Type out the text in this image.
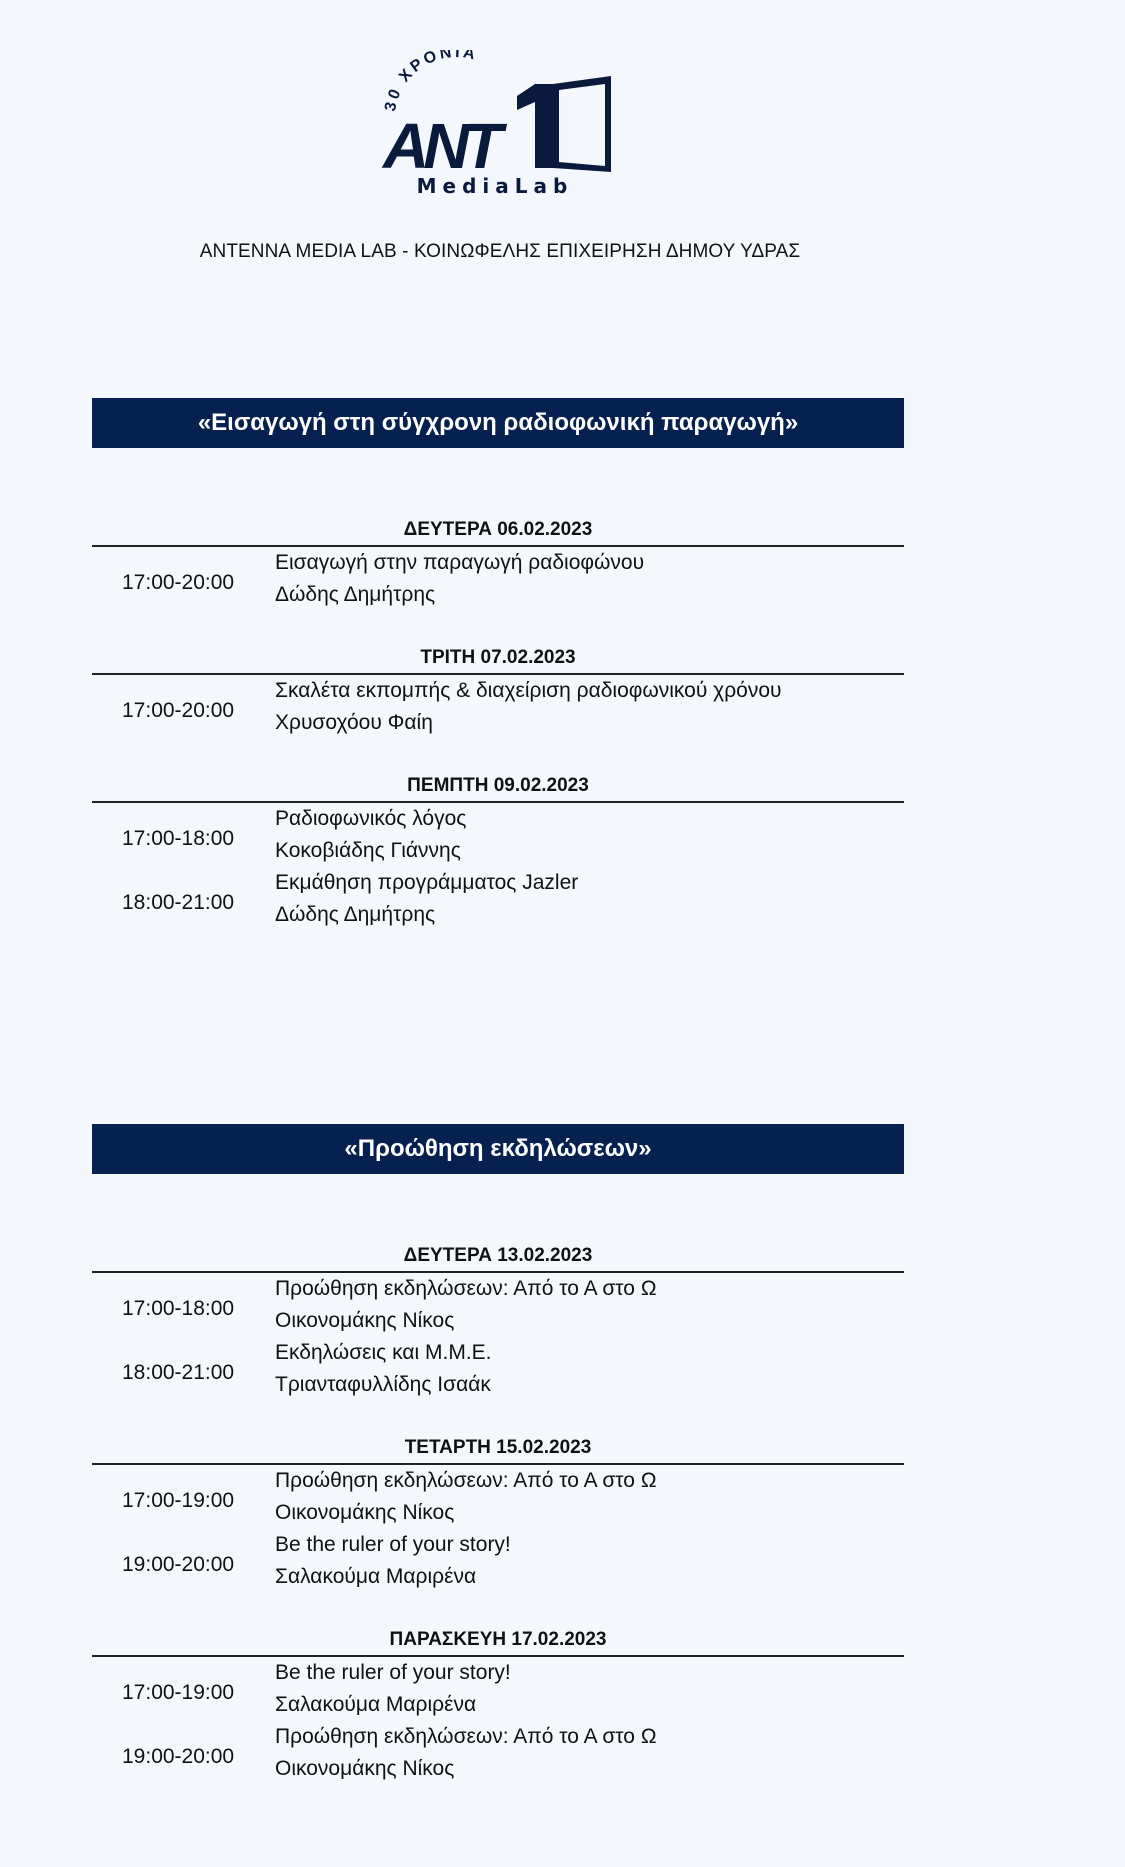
30 ΧΡΟΝΙΑ
ANT
MediaLab
ANTENNA MEDIA LAB - ΚΟΙΝΩΦΕΛΗΣ ΕΠΙΧΕΙΡΗΣΗ ΔΗΜΟΥ ΥΔΡΑΣ
«Εισαγωγή στη σύγχρονη ραδιοφωνική παραγωγή»
ΔΕΥΤΕΡΑ 06.02.2023
17:00-20:00
Εισαγωγή στην παραγωγή ραδιοφώνου
Δώδης Δημήτρης
ΤΡΙΤΗ 07.02.2023
17:00-20:00
Σκαλέτα εκπομπής & διαχείριση ραδιοφωνικού χρόνου
Χρυσοχόου Φαίη
ΠΕΜΠΤΗ 09.02.2023
17:00-18:00
Ραδιοφωνικός λόγος
Κοκοβιάδης Γιάννης
18:00-21:00
Εκμάθηση προγράμματος Jazler
Δώδης Δημήτρης
«Προώθηση εκδηλώσεων»
ΔΕΥΤΕΡΑ 13.02.2023
17:00-18:00
Προώθηση εκδηλώσεων: Από το Α στο Ω
Οικονομάκης Νίκος
18:00-21:00
Εκδηλώσεις και Μ.Μ.Ε.
Τριανταφυλλίδης Ισαάκ
ΤΕΤΑΡΤΗ 15.02.2023
17:00-19:00
Προώθηση εκδηλώσεων: Από το Α στο Ω
Οικονομάκης Νίκος
19:00-20:00
Be the ruler of your story!
Σαλακούμα Μαριρένα
ΠΑΡΑΣΚΕΥΗ 17.02.2023
17:00-19:00
Be the ruler of your story!
Σαλακούμα Μαριρένα
19:00-20:00
Προώθηση εκδηλώσεων: Από το Α στο Ω
Οικονομάκης Νίκος
